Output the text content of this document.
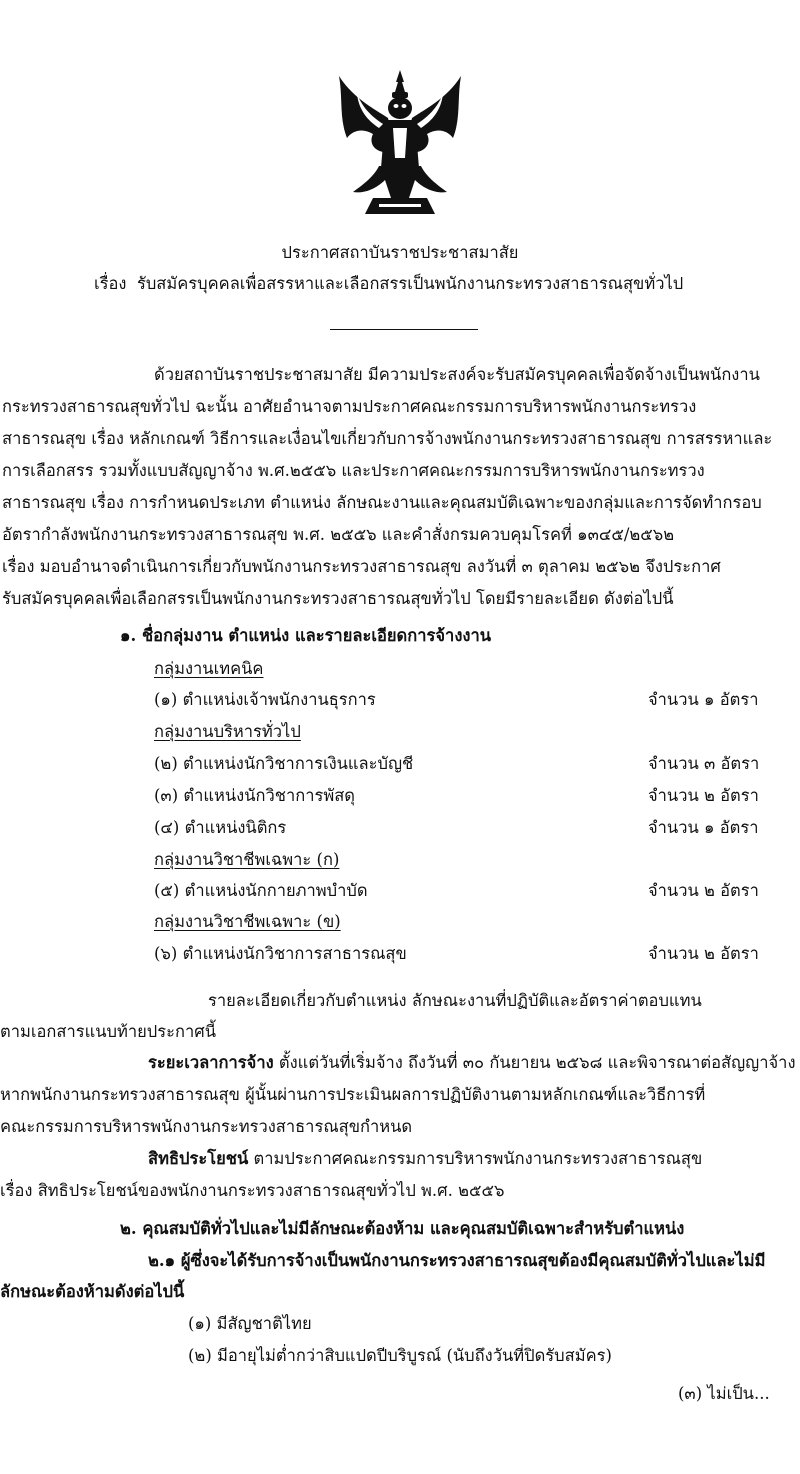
ประกาศสถาบันราชประชาสมาสัย
เรื่อง รับสมัครบุคคลเพื่อสรรหาและเลือกสรรเป็นพนักงานกระทรวงสาธารณสุขทั่วไป
ด้วยสถาบันราชประชาสมาสัย มีความประสงค์จะรับสมัครบุคคลเพื่อจัดจ้างเป็นพนักงาน
กระทรวงสาธารณสุขทั่วไป ฉะนั้น อาศัยอำนาจตามประกาศคณะกรรมการบริหารพนักงานกระทรวง
สาธารณสุข เรื่อง หลักเกณฑ์ วิธีการและเงื่อนไขเกี่ยวกับการจ้างพนักงานกระทรวงสาธารณสุข การสรรหาและ
การเลือกสรร รวมทั้งแบบสัญญาจ้าง พ.ศ.๒๕๕๖ และประกาศคณะกรรมการบริหารพนักงานกระทรวง
สาธารณสุข เรื่อง การกำหนดประเภท ตำแหน่ง ลักษณะงานและคุณสมบัติเฉพาะของกลุ่มและการจัดทำกรอบ
อัตรากำลังพนักงานกระทรวงสาธารณสุข พ.ศ. ๒๕๕๖ และคำสั่งกรมควบคุมโรคที่ ๑๓๔๕/๒๕๖๒
เรื่อง มอบอำนาจดำเนินการเกี่ยวกับพนักงานกระทรวงสาธารณสุข ลงวันที่ ๓ ตุลาคม ๒๕๖๒ จึงประกาศ
รับสมัครบุคคลเพื่อเลือกสรรเป็นพนักงานกระทรวงสาธารณสุขทั่วไป โดยมีรายละเอียด ดังต่อไปนี้
๑. ชื่อกลุ่มงาน ตำแหน่ง และรายละเอียดการจ้างงาน
กลุ่มงานเทคนิค
(๑) ตำแหน่งเจ้าพนักงานธุรการ	จำนวน ๑ อัตรา
กลุ่มงานบริหารทั่วไป
(๒) ตำแหน่งนักวิชาการเงินและบัญชี	จำนวน ๓ อัตรา
(๓) ตำแหน่งนักวิชาการพัสดุ	จำนวน ๒ อัตรา
(๔) ตำแหน่งนิติกร	จำนวน ๑ อัตรา
กลุ่มงานวิชาชีพเฉพาะ (ก)
(๕) ตำแหน่งนักกายภาพบำบัด	จำนวน ๒ อัตรา
กลุ่มงานวิชาชีพเฉพาะ (ข)
(๖) ตำแหน่งนักวิชาการสาธารณสุข	จำนวน ๒ อัตรา
รายละเอียดเกี่ยวกับตำแหน่ง ลักษณะงานที่ปฏิบัติและอัตราค่าตอบแทน
ตามเอกสารแนบท้ายประกาศนี้
ระยะเวลาการจ้าง ตั้งแต่วันที่เริ่มจ้าง ถึงวันที่ ๓๐ กันยายน ๒๕๖๘ และพิจารณาต่อสัญญาจ้าง
หากพนักงานกระทรวงสาธารณสุข ผู้นั้นผ่านการประเมินผลการปฏิบัติงานตามหลักเกณฑ์และวิธีการที่
คณะกรรมการบริหารพนักงานกระทรวงสาธารณสุขกำหนด
สิทธิประโยชน์ ตามประกาศคณะกรรมการบริหารพนักงานกระทรวงสาธารณสุข
เรื่อง สิทธิประโยชน์ของพนักงานกระทรวงสาธารณสุขทั่วไป พ.ศ. ๒๕๕๖
๒. คุณสมบัติทั่วไปและไม่มีลักษณะต้องห้าม และคุณสมบัติเฉพาะสำหรับตำแหน่ง
๒.๑ ผู้ซึ่งจะได้รับการจ้างเป็นพนักงานกระทรวงสาธารณสุขต้องมีคุณสมบัติทั่วไปและไม่มี
ลักษณะต้องห้ามดังต่อไปนี้
(๑) มีสัญชาติไทย
(๒) มีอายุไม่ต่ำกว่าสิบแปดปีบริบูรณ์ (นับถึงวันที่ปิดรับสมัคร)
(๓) ไม่เป็น...
